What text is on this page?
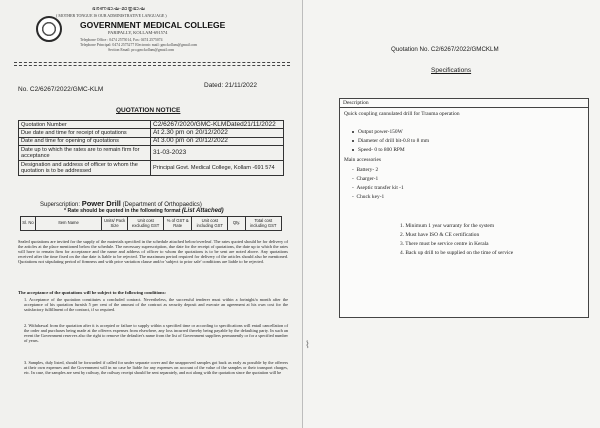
ഭരണഭാഷ-മാതൃഭാഷ
( MOTHER TONGUE IS OUR ADMINISTRATIVE LANGUAGE )
GOVERNMENT MEDICAL COLLEGE
PARIPALLY, KOLLAM-691574
Telephone Office : 0474 2575014, Fax: 0474 2575074
Telephone Principal: 0474 2575277 Electronic mail: gmckollam@gmail.com
Section Email: pro.gmckollam@gmail.com
No. C2/6267/2022/GMC-KLM
Dated: 21/11/2022
QUOTATION NOTICE
Quotation Number	C2/6267/2020/GMC-KLMDated21/11/2022
Due date and time for receipt of quotations	At 2.30 pm on 20/12/2022
Date and time for opening of quotations	At 3.00 pm on 20/12/2022
Date up to which the rates are to remain firm for acceptance	31-03-2023
Designation and address of officer to whom the quotation is to be addressed	Principal Govt. Medical College, Kollam -691 574
Superscription: Power Drill (Department of Orthopaedics)
* Rate should be quoted in the following format (List Attached)
Sl. No	Item Name	Units/ Pack Size	Unit cost excluding GST	% of GST & Rate	Unit cost including GST	Qty.	Total cost including GST
Sealed quotations are invited for the supply of the materials specified in the schedule attached below/overleaf. The rates quoted should be for delivery of the articles at the place mentioned below the schedule. The necessary superscription, due date for the receipt of quotations, the date up to which the rates will have to remain firm for acceptance and the name and address of officer to whom the quotations is to be sent are noted above. Any quotations received after the time fixed on the due date is liable to be rejected. The maximum period required for delivery of the articles should also be mentioned. Quotations not stipulating period of firmness and with price variation clause and/or 'subject to prior sale' conditions are liable to be rejected.
The acceptance of the quotations will be subject to the following conditions:
1. Acceptance of the quotation constitutes a concluded contract. Nevertheless, the successful tenderer must within a fortnight/a month after the acceptance of his quotation furnish 5 per cent of the amount of the contract as security deposit and execute an agreement at his own cost for the satisfactory fulfillment of the contract, if so required.
2. Withdrawal from the quotation after it is accepted or failure to supply within a specified time or according to specifications will entail cancellation of the order and purchases being made at the offerers expenses from elsewhere, any loss incurred thereby being payable by the defaulting party. In such an event the Government reserves also the right to remove the defaulter's name from the list of Government suppliers permanently or for a specified number of years.
3. Samples, duly listed, should be forwarded if called for under separate cover and the unapproved samples got back as early as possible by the offerers at their own expenses and the Government will in no case be liable for any expenses on account of the value of the samples or their transport charges, etc. In case, the samples are sent by railway, the railway receipt should be sent separately, and not along with the quotation since the quotation will be
Quotation No. C2/6267/2022/GMCKLM
Specifications
Description
Quick coupling cannulated drill for Trauma operation
Output power-150W
Diameter of drill bit-0.8 to 8 mm
Speed- 0 to 800 RPM
Main accessories
-  Battery- 2
-  Charger-1
-  Aseptic transfer kit -1
-  Chuck key-1
1. Minimum 1 year warranty for the system
2. Must have ISO & CE certification
3. There must be service centre in Kerala
4. Back up drill to be supplied on the time of service
⌇
